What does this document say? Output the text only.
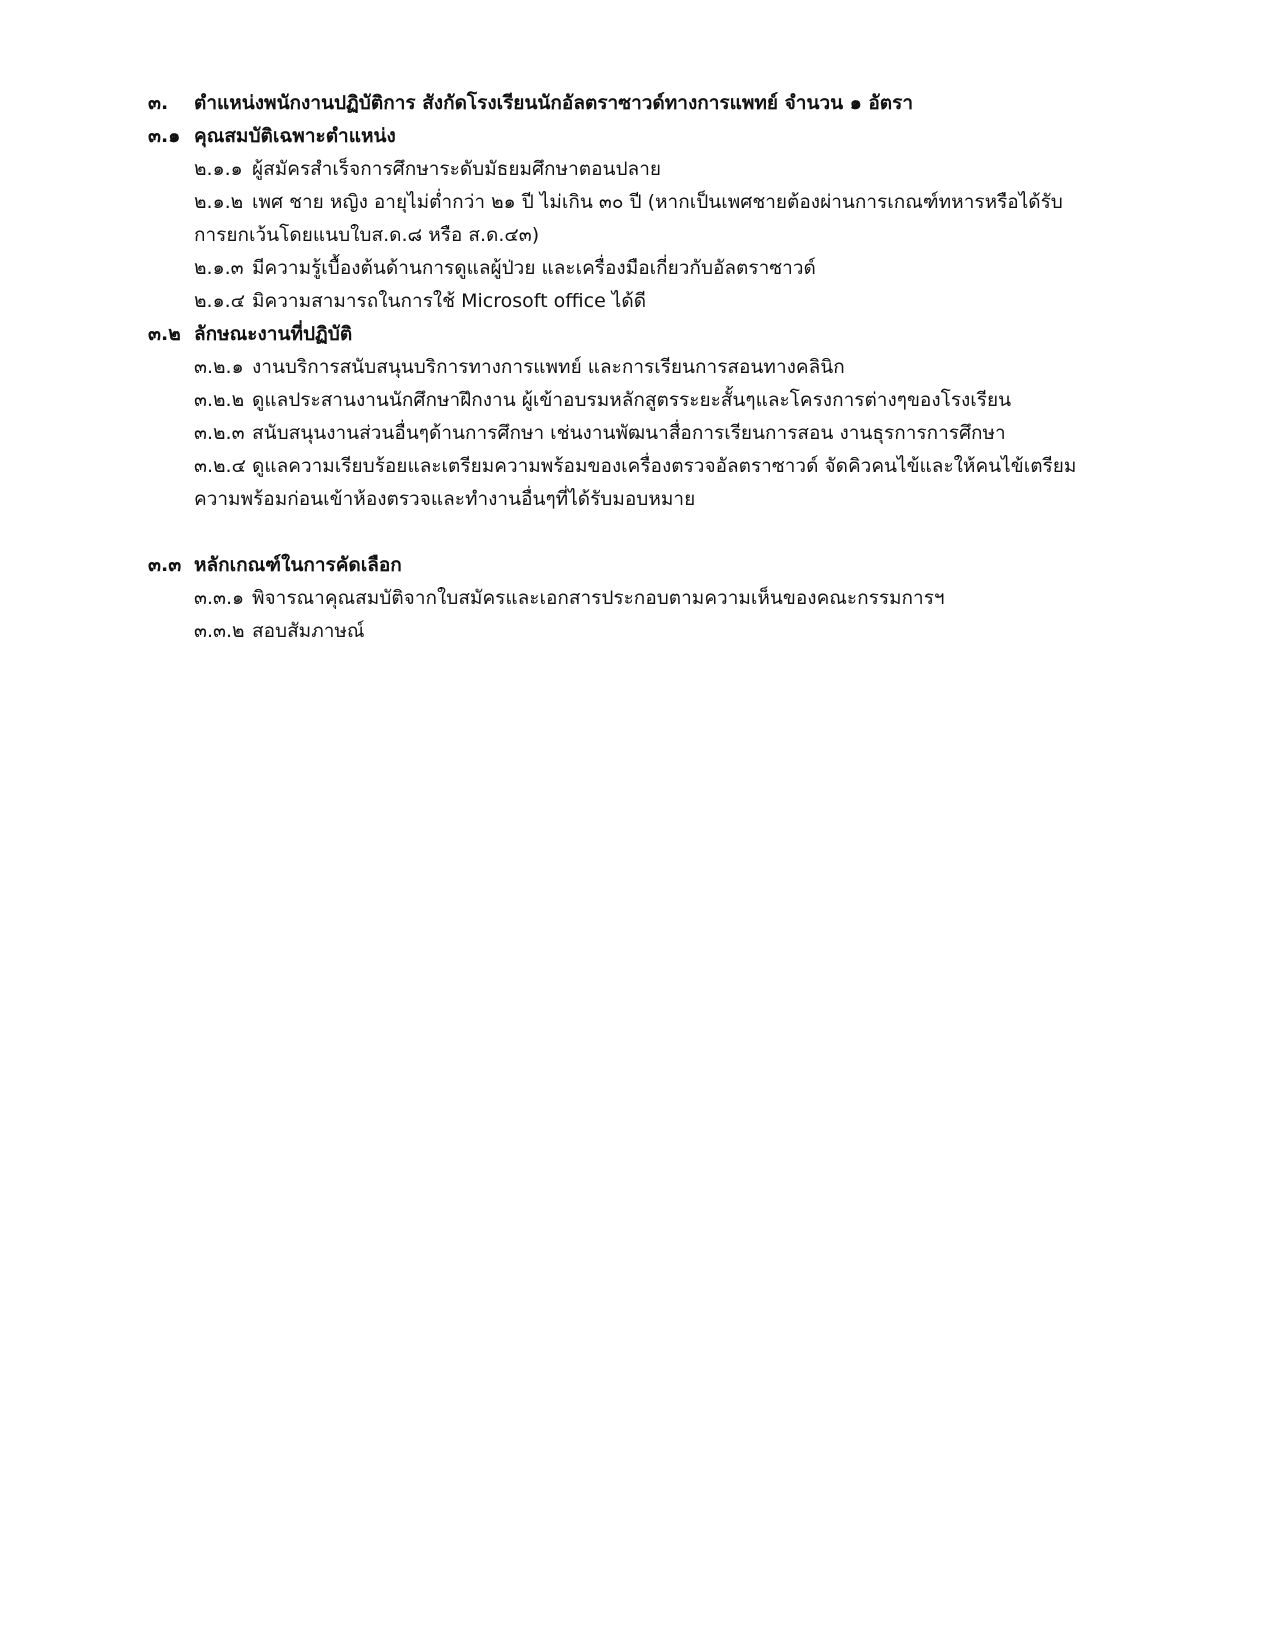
๓. ตำแหน่งพนักงานปฏิบัติการ สังกัดโรงเรียนนักอัลตราซาวด์ทางการแพทย์ จำนวน ๑ อัตรา
๓.๑ คุณสมบัติเฉพาะตำแหน่ง
๒.๑.๑ ผู้สมัครสำเร็จการศึกษาระดับมัธยมศึกษาตอนปลาย
๒.๑.๒ เพศ ชาย หญิง อายุไม่ต่ำกว่า ๒๑ ปี ไม่เกิน ๓๐ ปี (หากเป็นเพศชายต้องผ่านการเกณฑ์ทหารหรือได้รับ
การยกเว้นโดยแนบใบส.ด.๘ หรือ ส.ด.๔๓)
๒.๑.๓ มีความรู้เบื้องต้นด้านการดูแลผู้ป่วย และเครื่องมือเกี่ยวกับอัลตราซาวด์
๒.๑.๔ มิความสามารถในการใช้ Microsoft office ได้ดี
๓.๒ ลักษณะงานที่ปฏิบัติ
๓.๒.๑ งานบริการสนับสนุนบริการทางการแพทย์ และการเรียนการสอนทางคลินิก
๓.๒.๒ ดูแลประสานงานนักศึกษาฝึกงาน ผู้เข้าอบรมหลักสูตรระยะสั้นๆและโครงการต่างๆของโรงเรียน
๓.๒.๓ สนับสนุนงานส่วนอื่นๆด้านการศึกษา เช่นงานพัฒนาสื่อการเรียนการสอน งานธุรการการศึกษา
๓.๒.๔ ดูแลความเรียบร้อยและเตรียมความพร้อมของเครื่องตรวจอัลตราซาวด์ จัดคิวคนไข้และให้คนไข้เตรียม
ความพร้อมก่อนเข้าห้องตรวจและทำงานอื่นๆที่ได้รับมอบหมาย
๓.๓ หลักเกณฑ์ในการคัดเลือก
๓.๓.๑ พิจารณาคุณสมบัติจากใบสมัครและเอกสารประกอบตามความเห็นของคณะกรรมการฯ
๓.๓.๒ สอบสัมภาษณ์
